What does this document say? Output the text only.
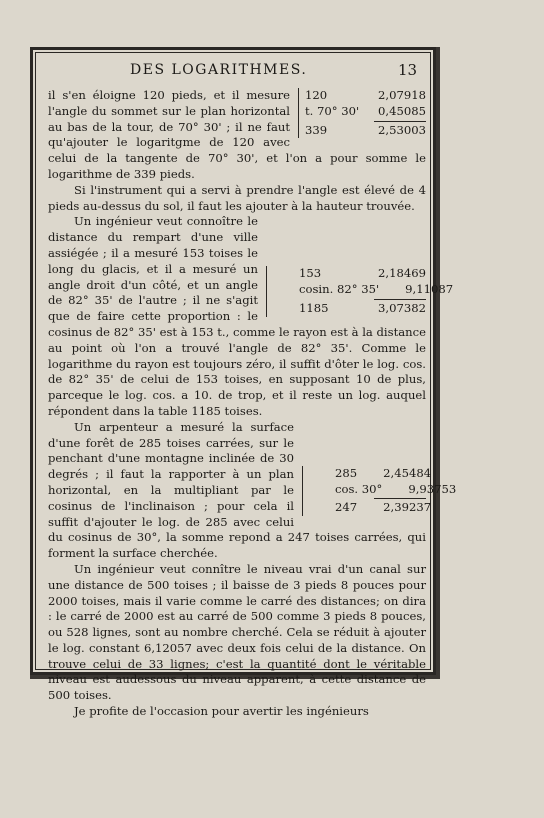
DES LOGARITHMES.	13

120	2,07918
t. 70° 30' 0,45085
339	2,53003
il s'en éloigne 120 pieds, et il mesure l'angle du sommet sur le plan horizontal au bas de la tour, de 70° 30' ; il ne faut qu'ajouter le logaritgme de 120 avec celui de la tangente de 70° 30', et l'on a pour somme le logarithme de 339 pieds.

Si l'instrument qui a servi à prendre l'angle est élevé de 4 pieds au-dessus du sol, il faut les ajouter à la hauteur trouvée.

153	2,18469
cosin. 82° 35'	9,11087
1185	3,07382
Un ingénieur veut connoître le distance du rempart d'une ville assiégée ; il a mesuré 153 toises le long du glacis, et il a mesuré un angle droit d'un côté, et un angle de 82° 35' de l'autre ; il ne s'agit que de faire cette proportion : le cosinus de 82° 35' est à 153 t., comme le rayon est à la distance au point où l'on a trouvé l'angle de 82° 35'. Comme le logarithme du rayon est toujours zéro, il suffit d'ôter le log. cos. de 82° 35' de celui de 153 toises, en supposant 10 de plus, parceque le log. cos. a 10. de trop, et il reste un log. auquel répondent dans la table 1185 toises.

285	2,45484
cos. 30°	9,93753
247	2,39237
Un arpenteur a mesuré la surface d'une forêt de 285 toises carrées, sur le penchant d'une montagne inclinée de 30 degrés ; il faut la rapporter à un plan horizontal, en la multipliant par le cosinus de l'inclinaison ; pour cela il suffit d'ajouter le log. de 285 avec celui du cosinus de 30°, la somme repond a 247 toises carrées, qui forment la surface cherchée.

Un ingénieur veut connître le niveau vrai d'un canal sur une distance de 500 toises ; il baisse de 3 pieds 8 pouces pour 2000 toises, mais il varie comme le carré des distances; on dira : le carré de 2000 est au carré de 500 comme 3 pieds 8 pouces, ou 528 lignes, sont au nombre cherché. Cela se réduit à ajouter le log. constant 6,12057 avec deux fois celui de la distance. On trouve celui de 33 lignes; c'est la quantité dont le véritable niveau est audessous du niveau apparent, à cette distance de 500 toises.

Je profite de l'occasion pour avertir les ingénieurs
